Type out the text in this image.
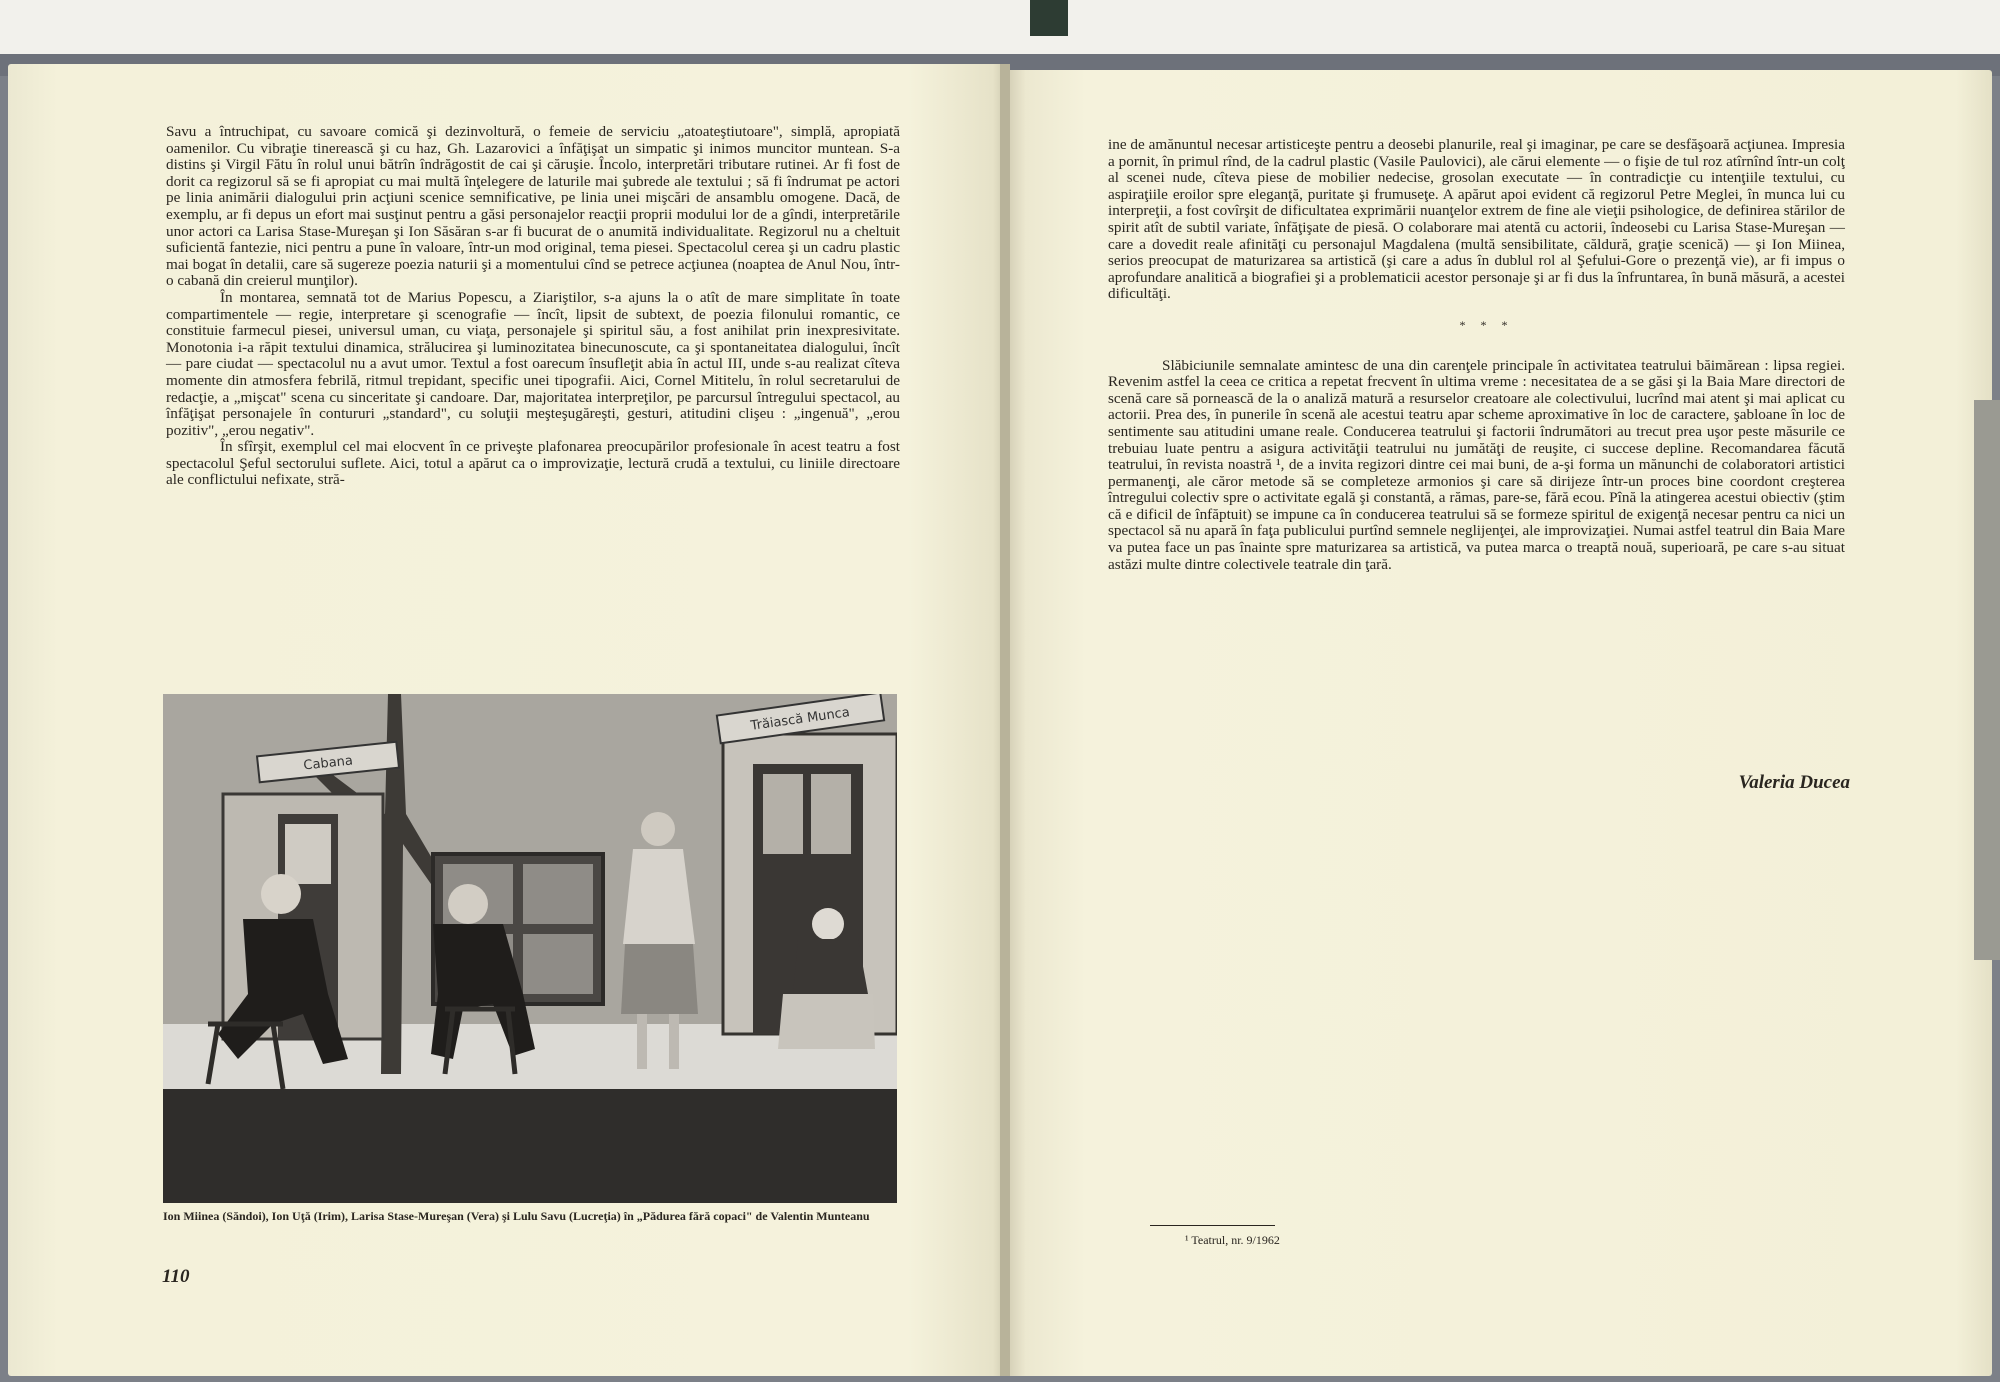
Savu a întruchipat, cu savoare comică şi dezinvoltură, o femeie de serviciu „atoateştiutoare", simplă, apropiată oamenilor. Cu vibraţie tinerească şi cu haz, Gh. Lazarovici a înfăţişat un simpatic şi inimos muncitor muntean. S-a distins şi Virgil Fătu în rolul unui bătrîn îndrăgostit de cai şi căruşie. Încolo, interpretări tributare rutinei. Ar fi fost de dorit ca regizorul să se fi apropiat cu mai multă înţelegere de laturile mai şubrede ale textului ; să fi îndrumat pe actori pe linia animării dialogului prin acţiuni scenice semnificative, pe linia unei mişcări de ansamblu omogene. Dacă, de exemplu, ar fi depus un efort mai susţinut pentru a găsi personajelor reacţii proprii modului lor de a gîndi, interpretările unor actori ca Larisa Stase-Mureşan şi Ion Săsăran s-ar fi bucurat de o anumită individualitate. Regizorul nu a cheltuit suficientă fantezie, nici pentru a pune în valoare, într-un mod original, tema piesei. Spectacolul cerea şi un cadru plastic mai bogat în detalii, care să sugereze poezia naturii şi a momentului cînd se petrece acţiunea (noaptea de Anul Nou, într-o cabană din creierul munţilor).

În montarea, semnată tot de Marius Popescu, a Ziariştilor, s-a ajuns la o atît de mare simplitate în toate compartimentele — regie, interpretare şi scenografie — încît, lipsit de subtext, de poezia filonului romantic, ce constituie farmecul piesei, universul uman, cu viaţa, personajele şi spiritul său, a fost anihilat prin inexpresivitate. Monotonia i-a răpit textului dinamica, strălucirea şi luminozitatea binecunoscute, ca şi spontaneitatea dialogului, încît — pare ciudat — spectacolul nu a avut umor. Textul a fost oarecum însufleţit abia în actul III, unde s-au realizat cîteva momente din atmosfera febrilă, ritmul trepidant, specific unei tipografii. Aici, Cornel Mititelu, în rolul secretarului de redacţie, a „mişcat" scena cu sinceritate şi candoare. Dar, majoritatea interpreţilor, pe parcursul întregului spectacol, au înfăţişat personajele în contururi „standard", cu soluţii meşteşugăreşti, gesturi, atitudini clişeu : „ingenuă", „erou pozitiv", „erou negativ".

În sfîrşit, exemplul cel mai elocvent în ce priveşte plafonarea preocupărilor profesionale în acest teatru a fost spectacolul Şeful sectorului suflete. Aici, totul a apărut ca o improvizaţie, lectură crudă a textului, cu liniile directoare ale conflictului nefixate, stră-

Cabana
Trăiască Munca
Ion Miinea (Săndoi), Ion Uţă (Irim), Larisa Stase-Mureşan (Vera) şi Lulu Savu (Lucreţia) în „Pădurea fără copaci" de Valentin Munteanu
110

ine de amănuntul necesar artisticeşte pentru a deosebi planurile, real şi imaginar, pe care se desfăşoară acţiunea. Impresia a pornit, în primul rînd, de la cadrul plastic (Vasile Paulovici), ale cărui elemente — o fişie de tul roz atîrnînd într-un colţ al scenei nude, cîteva piese de mobilier nedecise, grosolan executate — în contradicţie cu intenţiile textului, cu aspiraţiile eroilor spre eleganţă, puritate şi frumuseţe. A apărut apoi evident că regizorul Petre Meglei, în munca lui cu interpreţii, a fost covîrşit de dificultatea exprimării nuanţelor extrem de fine ale vieţii psihologice, de definirea stărilor de spirit atît de subtil variate, înfăţişate de piesă. O colaborare mai atentă cu actorii, îndeosebi cu Larisa Stase-Mureşan — care a dovedit reale afinităţi cu personajul Magdalena (multă sensibilitate, căldură, graţie scenică) — şi Ion Miinea, serios preocupat de maturizarea sa artistică (şi care a adus în dublul rol al Şefului-Gore o prezenţă vie), ar fi impus o aprofundare analitică a biografiei şi a problematicii acestor personaje şi ar fi dus la înfruntarea, în bună măsură, a acestei dificultăţi.

* * *

Slăbiciunile semnalate amintesc de una din carenţele principale în activitatea teatrului băimărean : lipsa regiei. Revenim astfel la ceea ce critica a repetat frecvent în ultima vreme : necesitatea de a se găsi şi la Baia Mare directori de scenă care să pornească de la o analiză matură a resurselor creatoare ale colectivului, lucrînd mai atent şi mai aplicat cu actorii. Prea des, în punerile în scenă ale acestui teatru apar scheme aproximative în loc de caractere, şabloane în loc de sentimente sau atitudini umane reale. Conducerea teatrului şi factorii îndrumători au trecut prea uşor peste măsurile ce trebuiau luate pentru a asigura activităţii teatrului nu jumătăţi de reuşite, ci succese depline. Recomandarea făcută teatrului, în revista noastră ¹, de a invita regizori dintre cei mai buni, de a-şi forma un mănunchi de colaboratori artistici permanenţi, ale căror metode să se completeze armonios şi care să dirijeze într-un proces bine coordont creşterea întregului colectiv spre o activitate egală şi constantă, a rămas, pare-se, fără ecou. Pînă la atingerea acestui obiectiv (ştim că e dificil de înfăptuit) se impune ca în conducerea teatrului să se formeze spiritul de exigenţă necesar pentru ca nici un spectacol să nu apară în faţa publicului purtînd semnele neglijenţei, ale improvizaţiei. Numai astfel teatrul din Baia Mare va putea face un pas înainte spre maturizarea sa artistică, va putea marca o treaptă nouă, superioară, pe care s-au situat astăzi multe dintre colectivele teatrale din ţară.

Valeria Ducea
¹ Teatrul, nr. 9/1962
